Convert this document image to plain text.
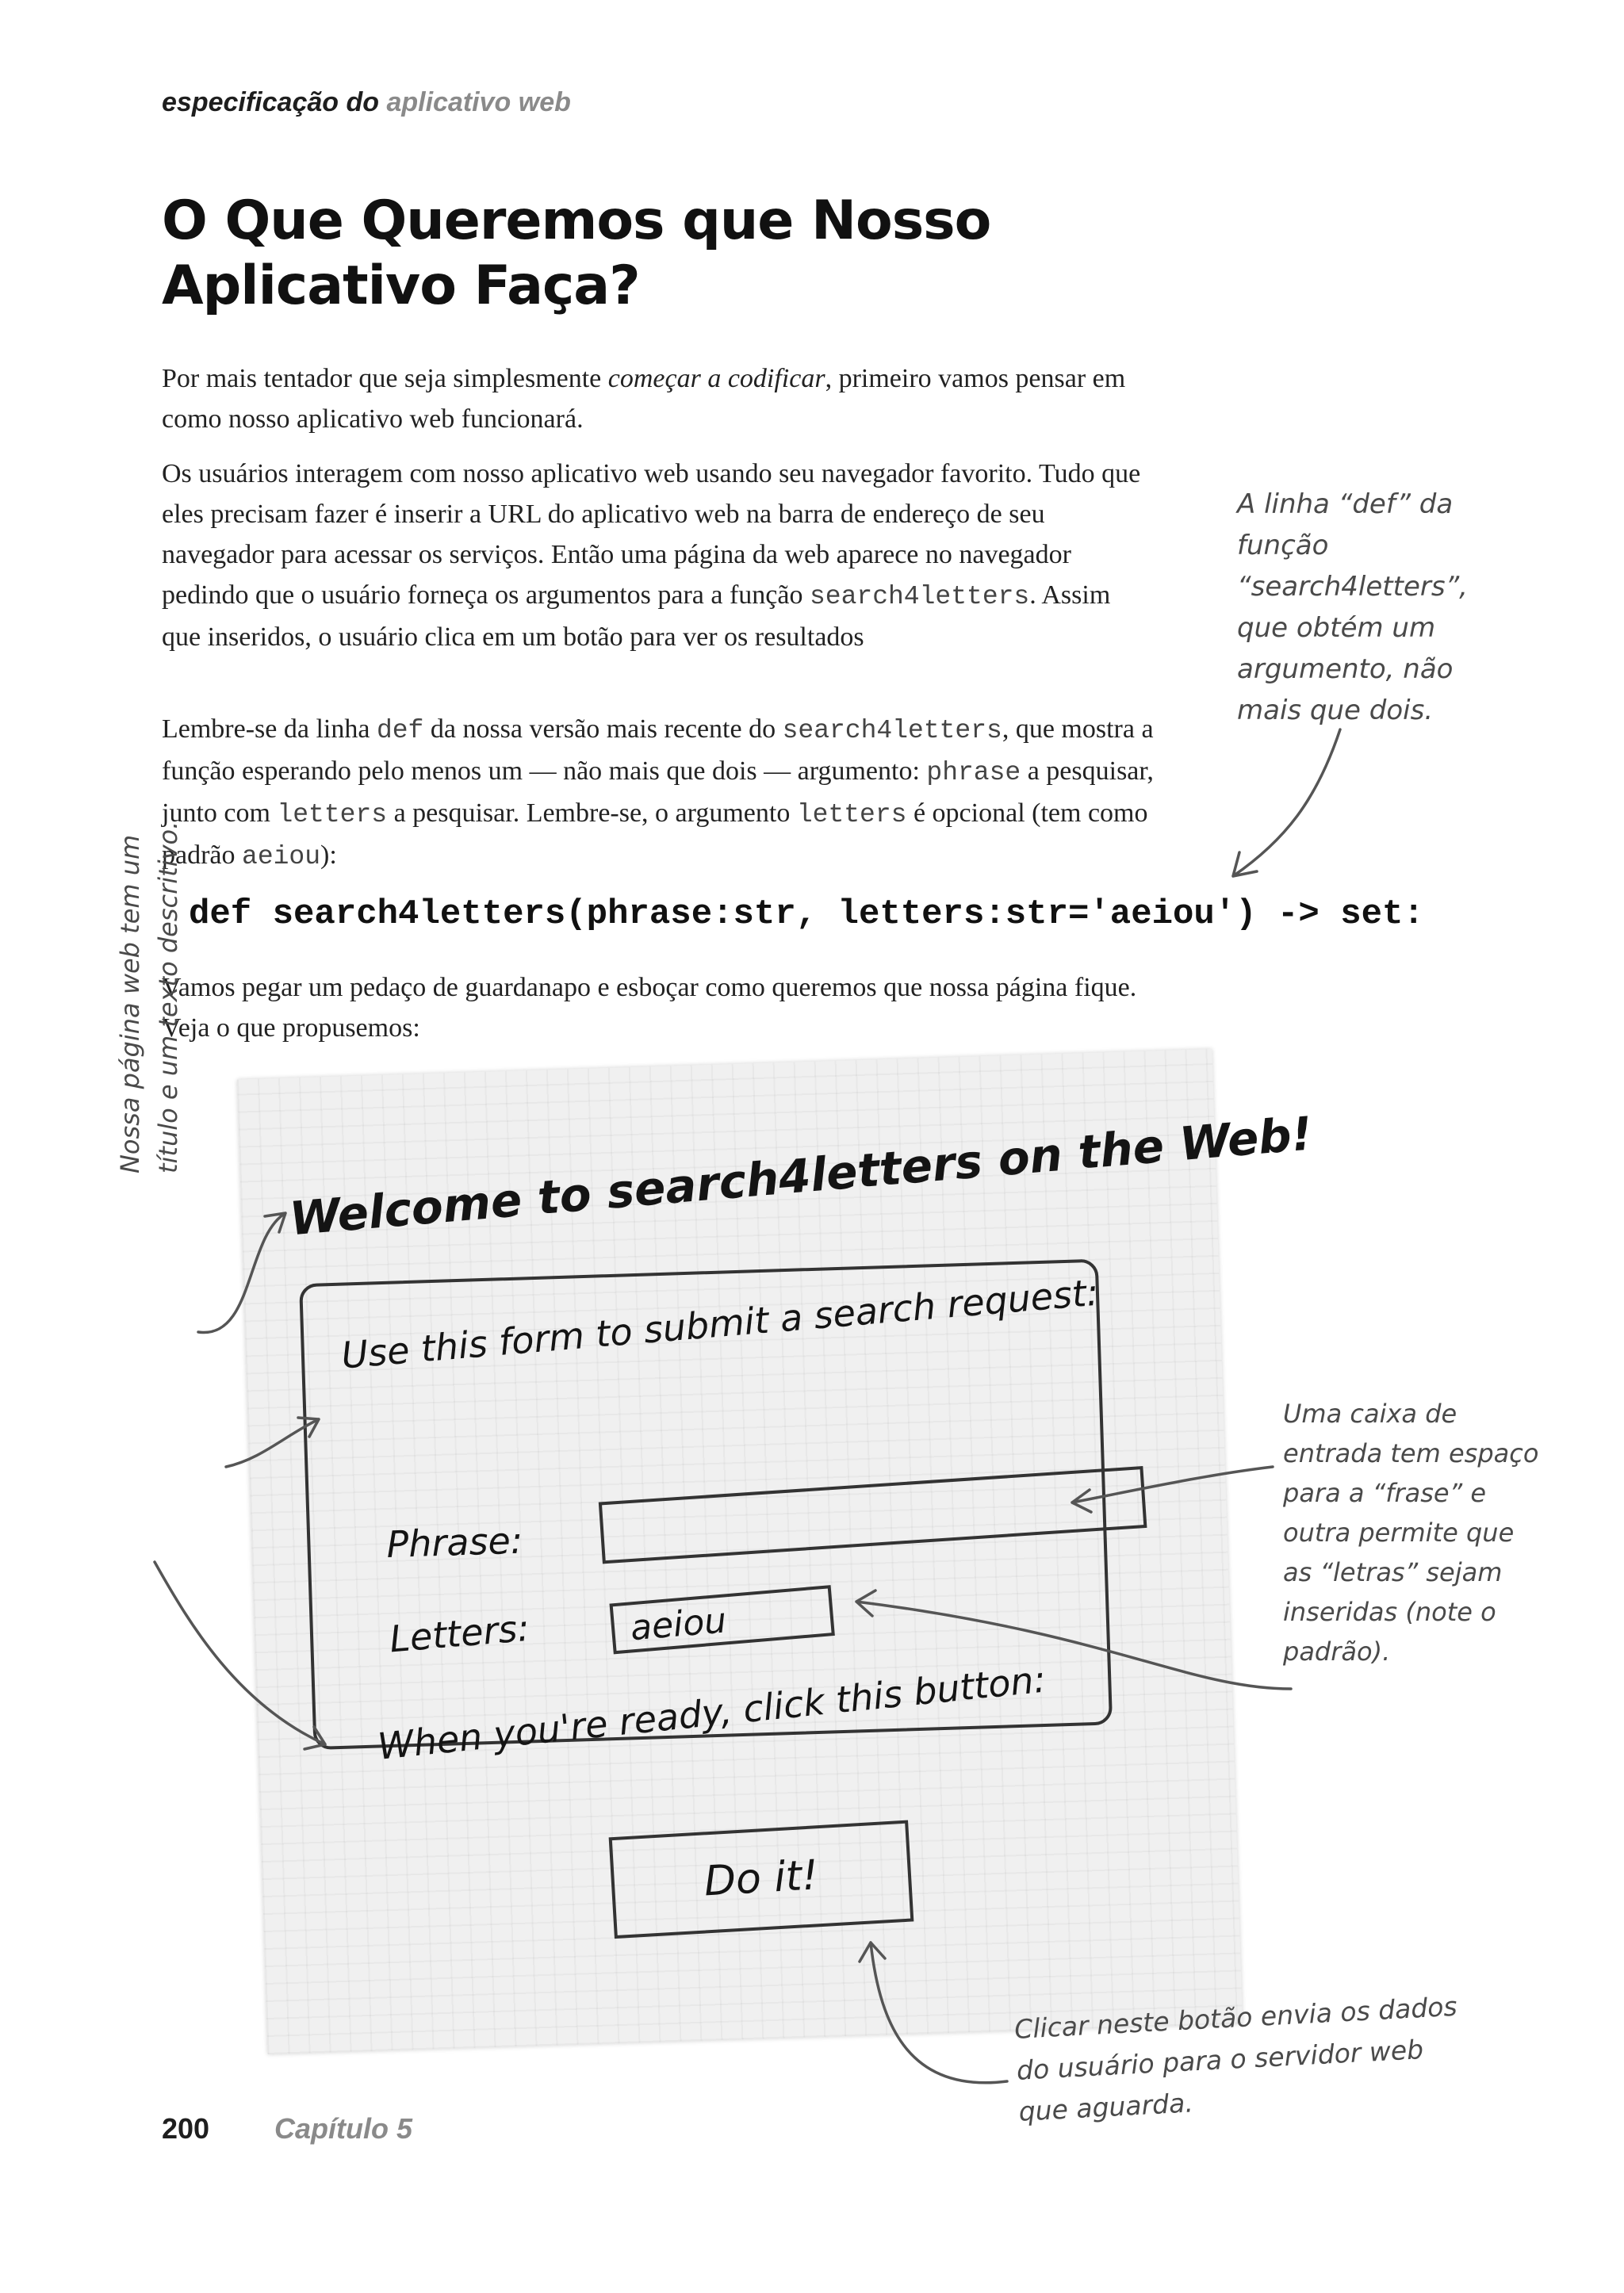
especificação do aplicativo web
O Que Queremos que Nosso
Aplicativo Faça?
Por mais tentador que seja simplesmente começar a codificar, primeiro vamos pensar em como nosso aplicativo web funcionará.
Os usuários interagem com nosso aplicativo web usando seu navegador favorito. Tudo que eles precisam fazer é inserir a URL do aplicativo web na barra de endereço de seu navegador para acessar os serviços. Então uma página da web aparece no navegador pedindo que o usuário forneça os argumentos para a função search4letters. Assim que inseridos, o usuário clica em um botão para ver os resultados
Lembre-se da linha def da nossa versão mais recente do search4letters, que mostra a função esperando pelo menos um — não mais que dois — argumento: phrase a pesquisar, junto com letters a pesquisar. Lembre-se, o argumento letters é opcional (tem como padrão aeiou):
def search4letters(phrase:str, letters:str='aeiou') -> set:
Vamos pegar um pedaço de guardanapo e esboçar como queremos que nossa página fique. Veja o que propusemos:
A linha “def” da função “search4letters”, que obtém um argumento, não mais que dois.
Welcome to search4letters on the Web!
Use this form to submit a search request:
Phrase:
Letters:	aeiou
When you're ready, click this button:
Do it!
Nossa página web tem um título e um texto descritivo.
Uma caixa de entrada tem espaço para a “frase” e outra permite que as “letras” sejam inseridas (note o padrão).
Clicar neste botão envia os dados do usuário para o servidor web que aguarda.
200 Capítulo 5
